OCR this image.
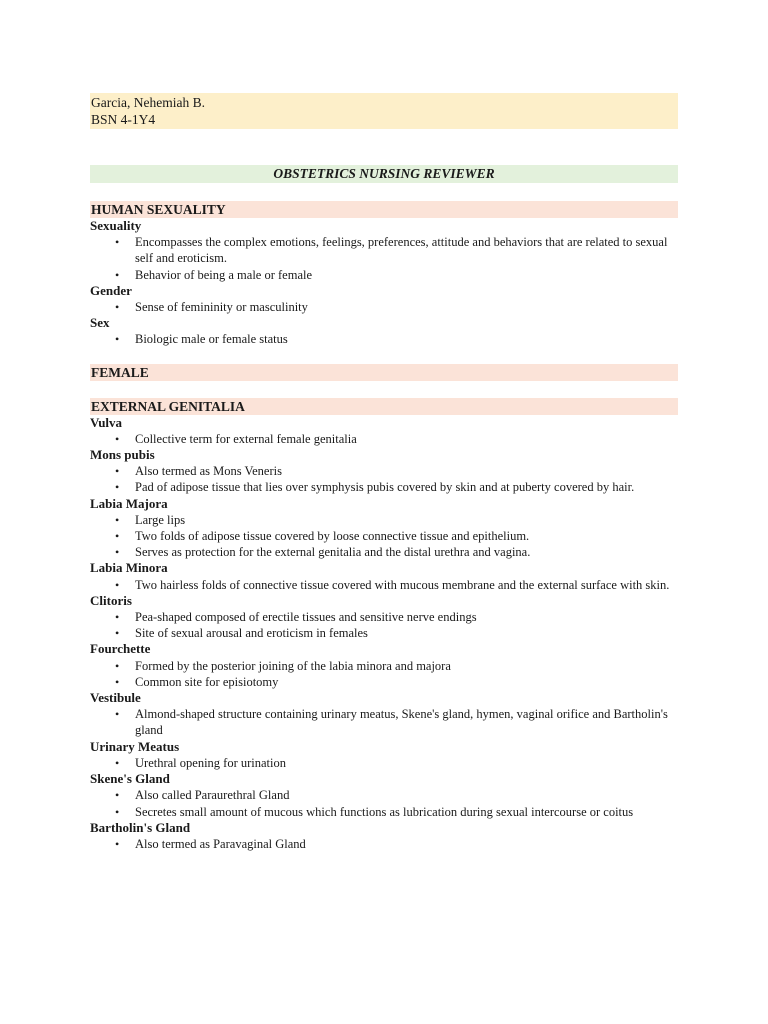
Garcia, Nehemiah B.
BSN 4-1Y4
OBSTETRICS NURSING REVIEWER
HUMAN SEXUALITY
Sexuality
• Encompasses the complex emotions, feelings, preferences, attitude and behaviors that are related to sexual self and eroticism.
• Behavior of being a male or female
Gender
• Sense of femininity or masculinity
Sex
• Biologic male or female status
FEMALE
EXTERNAL GENITALIA
Vulva
• Collective term for external female genitalia
Mons pubis
• Also termed as Mons Veneris
• Pad of adipose tissue that lies over symphysis pubis covered by skin and at puberty covered by hair.
Labia Majora
• Large lips
• Two folds of adipose tissue covered by loose connective tissue and epithelium.
• Serves as protection for the external genitalia and the distal urethra and vagina.
Labia Minora
• Two hairless folds of connective tissue covered with mucous membrane and the external surface with skin.
Clitoris
• Pea-shaped composed of erectile tissues and sensitive nerve endings
• Site of sexual arousal and eroticism in females
Fourchette
• Formed by the posterior joining of the labia minora and majora
• Common site for episiotomy
Vestibule
• Almond-shaped structure containing urinary meatus, Skene's gland, hymen, vaginal orifice and Bartholin's gland
Urinary Meatus
• Urethral opening for urination
Skene's Gland
• Also called Paraurethral Gland
• Secretes small amount of mucous which functions as lubrication during sexual intercourse or coitus
Bartholin's Gland
• Also termed as Paravaginal Gland
